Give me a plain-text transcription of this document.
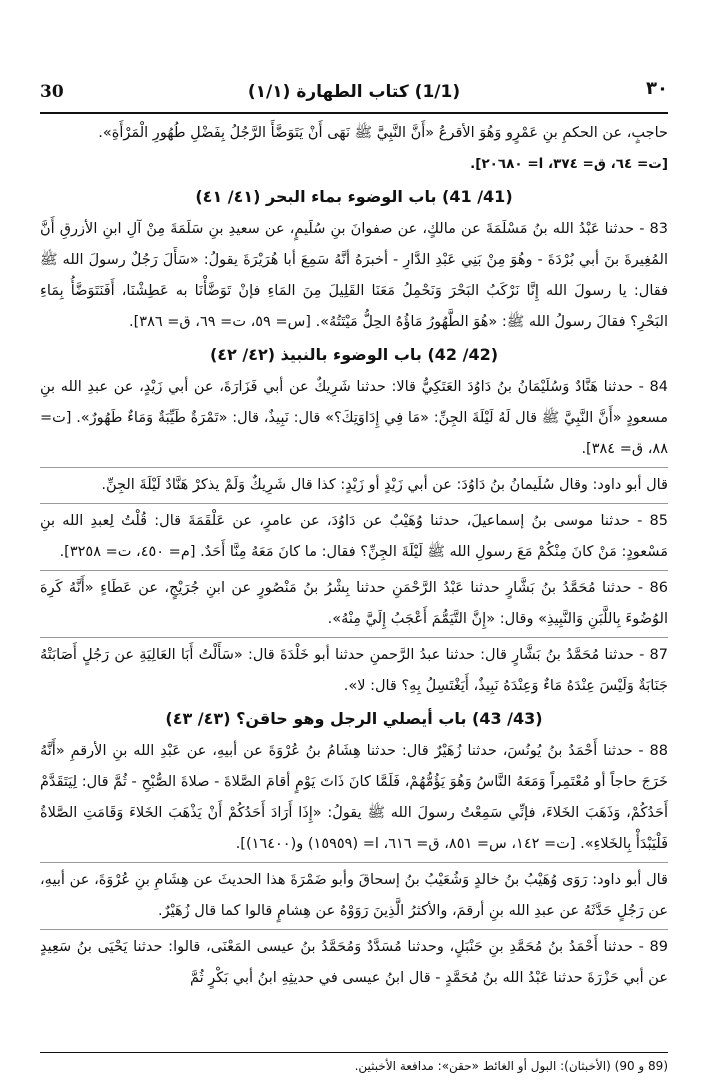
30	(1/1) كتاب الطهارة (١/١)	٣٠

حاجبٍ، عن الحكمِ بنِ عَمْرٍو وَهُوَ الأقرعُ «أَنَّ النَّبِيَّ ﷺ نَهَى أَنْ يَتَوَضَّأَ الرَّجُلُ بِفَضْلِ طُهُورِ الْمَرْأَةِ».

[ت= ٦٤، ق= ٣٧٤، ا= ٢٠٦٨٠].

(41/ 41) باب الوضوء بماء البحر (٤١/ ٤١)

83 - حدثنا عَبْدُ الله بنُ مَسْلَمَةَ عن مالكٍ، عن صفوانَ بنِ سُلَيمٍ، عن سعيدِ بنِ سَلَمَةَ مِنْ آلِ ابنِ الأزرقِ أَنَّ المُغِيرةَ بنَ أبي بُرْدَةَ - وهُوَ مِنْ بَنِي عَبْدِ الدَّارِ - أخبرَهُ أنَّهُ سَمِعَ أبا هُرَيْرَةَ يقولُ: «سَأَلَ رَجُلٌ رسولَ الله ﷺ فقال: يا رسولَ الله إِنَّا نَرْكَبُ البَحْرَ وَنَحْمِلُ مَعَنَا القَلِيلَ مِنَ المَاءِ فإنْ تَوَضَّأْنَا به عَطِشْنَا، أَفَنَتَوَضَّأُ بِمَاءِ البَحْرِ؟ فقالَ رسولُ الله ﷺ: «هُوَ الطَّهُورُ مَاؤُهُ الحِلُّ مَيْتَتُهُ». [س= ٥٩، ت= ٦٩، ق= ٣٨٦].

(42/ 42) باب الوضوء بالنبيذ (٤٢/ ٤٢)

84 - حدثنا هَنَّادٌ وَسُلَيْمَانُ بنُ دَاوُدَ العَتَكِيُّ قالا: حدثنا شَرِيكٌ عن أبي فَزَارَةَ، عن أبي زَيْدٍ، عن عبدِ الله بنِ مسعودٍ «أَنَّ النَّبِيَّ ﷺ قال لَهُ لَيْلَةَ الجِنِّ: «مَا فِي إِدَاوَتِكَ؟» قال: نَبِيذٌ، قال: «تَمْرَةٌ طَيِّبَةٌ وَمَاءٌ طَهُورٌ». [ت= ٨٨، ق= ٣٨٤].

قال أبو داود: وقال سُلَيمانُ بنُ دَاوُدَ: عن أبي زَيْدٍ أو زَيْدٍ: كذا قال شَرِيكٌ وَلَمْ يذكرْ هَنَّادٌ لَيْلَةَ الجِنِّ.

85 - حدثنا موسى بنُ إسماعيلَ، حدثنا وُهَيْبٌ عن دَاوُدَ، عن عامرٍ، عن عَلْقَمَةَ قال: قُلْتُ لِعبدِ الله بنِ مَسْعودٍ: مَنْ كانَ مِنْكُمْ مَعَ رسولِ الله ﷺ لَيْلَةَ الجِنِّ؟ فقال: ما كانَ مَعَهُ مِنَّا أَحَدٌ. [م= ٤٥٠، ت= ٣٢٥٨].

86 - حدثنا مُحَمَّدُ بنُ بَشَّارٍ حدثنا عَبْدُ الرَّحْمَنِ حدثنا بِشْرُ بنُ مَنْصُورٍ عن ابنِ جُرَيْجٍ، عن عَطَاءٍ «أَنَّهُ كَرِهَ الوُضُوءَ بِاللَّبَنِ وَالنَّبِيذِ» وقال: «إِنَّ التَّيَمُّمَ أَعْجَبُ إِلَيَّ مِنْهُ».

87 - حدثنا مُحَمَّدُ بنُ بَشَّارٍ قال: حدثنا عبدُ الرَّحمنِ حدثنا أبو خَلْدَةَ قال: «سَأَلْتُ أَبَا العَالِيَةِ عن رَجُلٍ أَصَابَتْهُ جَنَابَةٌ وَلَيْسَ عِنْدَهُ مَاءٌ وَعِنْدَهُ نَبِيذٌ، أَيَغْتَسِلُ بِهِ؟ قال: لا».

(43/ 43) باب أيصلي الرجل وهو حاقن؟ (٤٣/ ٤٣)

88 - حدثنا أَحْمَدُ بنُ يُونُسَ، حدثنا زُهَيْرٌ قال: حدثنا هِشَامُ بنُ عُرْوَةَ عن أبيهِ، عن عَبْدِ الله بنِ الأرقمِ «أَنَّهُ خَرَجَ حاجاً أو مُعْتَمِراً وَمَعَهُ النَّاسُ وَهُوَ يَؤُمُّهُمْ، فَلَمَّا كانَ ذَاتَ يَوْمٍ أقامَ الصَّلاةَ - صلاةَ الصُّبْحِ - ثُمَّ قال: لِيَتَقَدَّمْ أَحَدُكُمْ، وَذَهَبَ الخَلاءَ، فإنِّي سَمِعْتُ رسولَ الله ﷺ يقولُ: «إِذَا أَرَادَ أَحَدُكُمْ أَنْ يَذْهَبَ الخَلاءَ وَقَامَتِ الصَّلاةُ فَلْيَبْدَأْ بِالخَلاءِ». [ت= ١٤٢، س= ٨٥١، ق= ٦١٦، ا= (١٥٩٥٩) و(١٦٤٠٠)].

قال أبو داود: رَوَى وُهَيْبُ بنُ خالدٍ وَشُعَيْبُ بنُ إسحاقَ وأبو ضَمْرَةَ هذا الحديثَ عن هِشَامِ بنِ عُرْوَةَ، عن أبيهِ، عن رَجُلٍ حَدَّثَهُ عن عبدِ الله بنِ أرقمَ، والأكثرُ الَّذِينَ رَوَوْهُ عن هِشامٍ قالوا كما قال زُهَيْرٌ.

89 - حدثنا أَحْمَدُ بنُ مُحَمَّدِ بنِ حَنْبَلٍ، وحدثنا مُسَدَّدٌ وَمُحَمَّدُ بنُ عيسى المَعْنَى، قالوا: حدثنا يَحْيَى بنُ سَعِيدٍ عن أبي حَزْرَةَ حدثنا عَبْدُ الله بنُ مُحَمَّدٍ - قال ابنُ عيسى في حديثِهِ ابنُ أبي بَكْرٍ ثُمَّ

(89 و 90) (الأخبثان): البول أو الغائط «حقن»: مدافعة الأخبثين.
